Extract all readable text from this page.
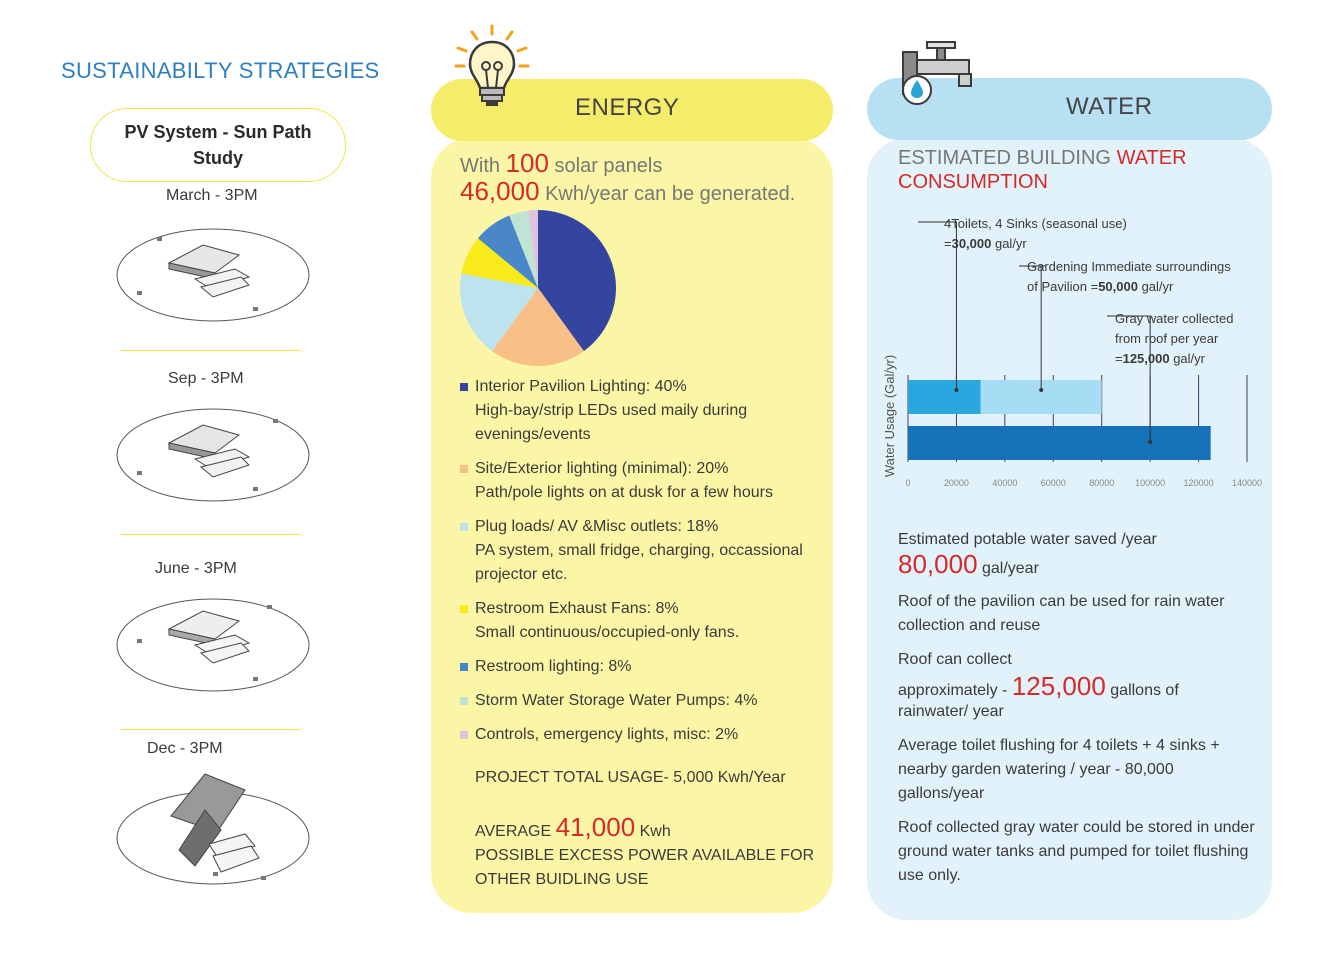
SUSTAINABILTY STRATEGIES
PV System - Sun Path Study
March - 3PM
Sep - 3PM
June - 3PM
Dec - 3PM
ENERGY
With 100 solar panels
46,000 Kwh/year can be generated.
Interior Pavilion Lighting: 40%
High-bay/strip LEDs used maily during evenings/events
Site/Exterior lighting (minimal): 20%
Path/pole lights on at dusk for a few hours
Plug loads/ AV &Misc outlets: 18%
PA system, small fridge, charging, occassional projector etc.
Restroom Exhaust Fans: 8%
Small continuous/occupied-only fans.
Restroom lighting: 8%
Storm Water Storage Water Pumps: 4%
Controls, emergency lights, misc: 2%
PROJECT TOTAL USAGE- 5,000 Kwh/Year
AVERAGE 41,000 Kwh
POSSIBLE EXCESS POWER AVAILABLE FOR
OTHER BUIDLING USE
WATER
ESTIMATED BUILDING WATER CONSUMPTION
4Toilets, 4 Sinks (seasonal use)
=30,000 gal/yr
Gardening Immediate surroundings
of Pavilion =50,000 gal/yr
Gray water collected
from roof per year
=125,000 gal/yr
0	20000	40000	60000	80000 100000 120000 140000
Water Usage (Gal/yr)
Estimated potable water saved /year
80,000 gal/year
Roof of the pavilion can be used for rain water collection and reuse
Roof can collect
approximately - 125,000 gallons of
rainwater/ year
Average toilet flushing for 4 toilets + 4 sinks + nearby garden watering / year - 80,000 gallons/year
Roof collected gray water could be stored in under ground water tanks and pumped for toilet flushing use only.
